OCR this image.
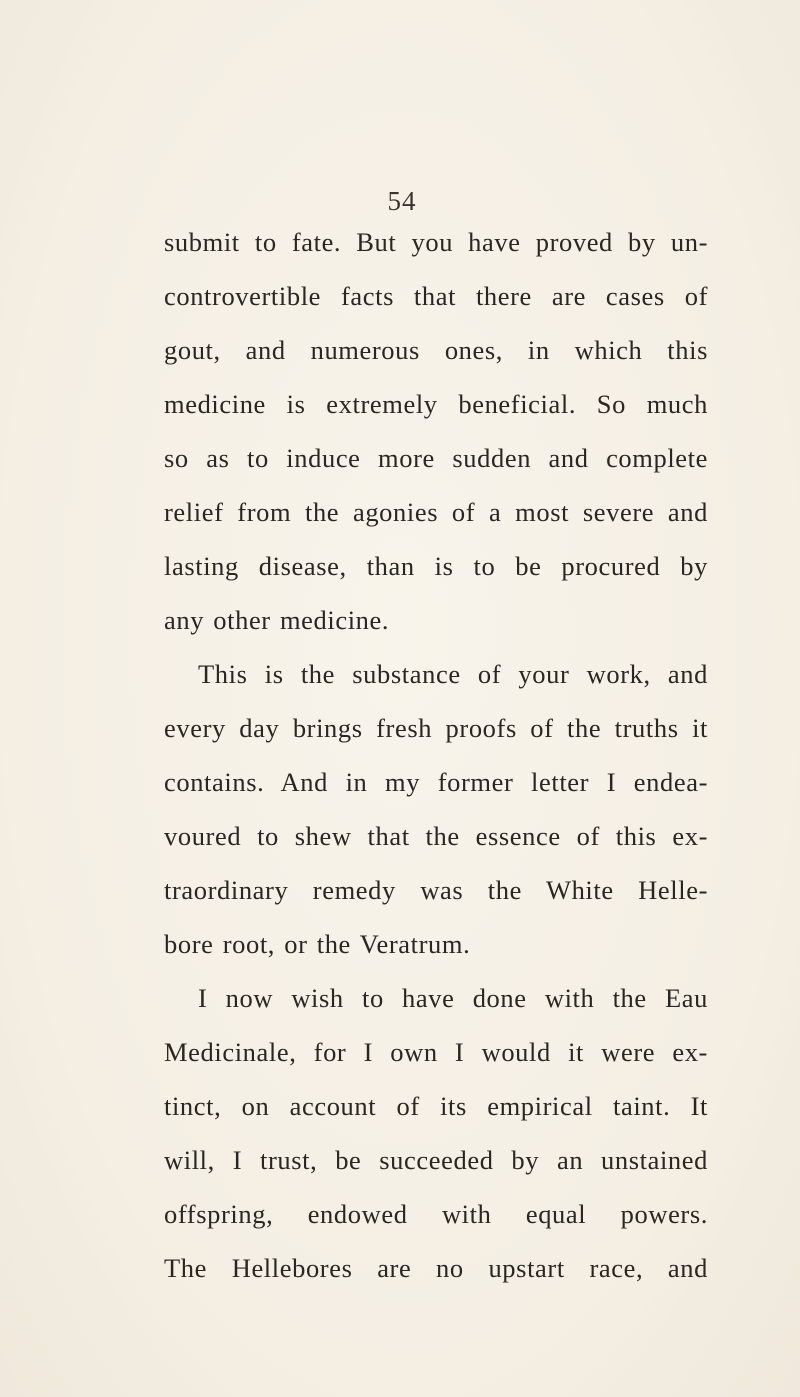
54
submit to fate. But you have proved by un-
controvertible facts that there are cases of
gout, and numerous ones, in which this
medicine is extremely beneficial. So much
so as to induce more sudden and complete
relief from the agonies of a most severe and
lasting disease, than is to be procured by
any other medicine.
This is the substance of your work, and
every day brings fresh proofs of the truths it
contains. And in my former letter I endea-
voured to shew that the essence of this ex-
traordinary remedy was the White Helle-
bore root, or the Veratrum.
I now wish to have done with the Eau
Medicinale, for I own I would it were ex-
tinct, on account of its empirical taint. It
will, I trust, be succeeded by an unstained
offspring, endowed with equal powers.
The Hellebores are no upstart race, and
